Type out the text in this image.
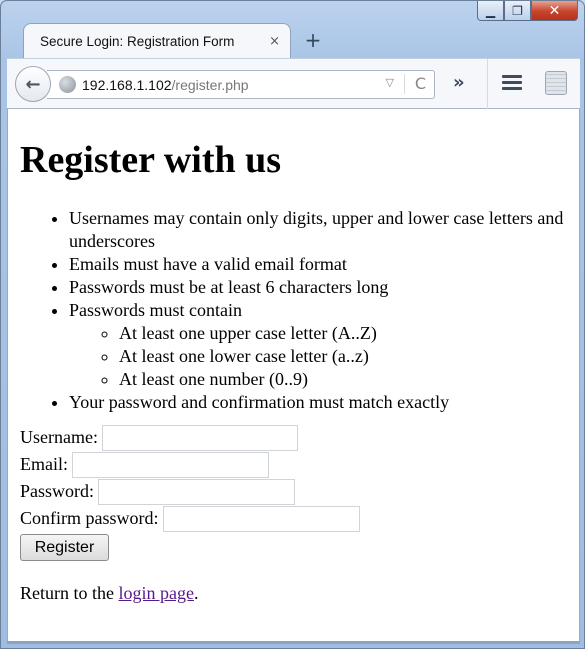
▁	❐	✕
Secure Login: Registration Form	× +
192.168.1.102 /register.php	▽	C
←	»
Register with us
• Usernames may contain only digits, upper and lower case letters and underscores
• Emails must have a valid email format
• Passwords must be at least 6 characters long
• Passwords must contain
◦ At least one upper case letter (A..Z)
◦ At least one lower case letter (a..z)
◦ At least one number (0..9)
• Your password and confirmation must match exactly
Username:
Email:
Password:
Confirm password:
Register
Return to the login page.
